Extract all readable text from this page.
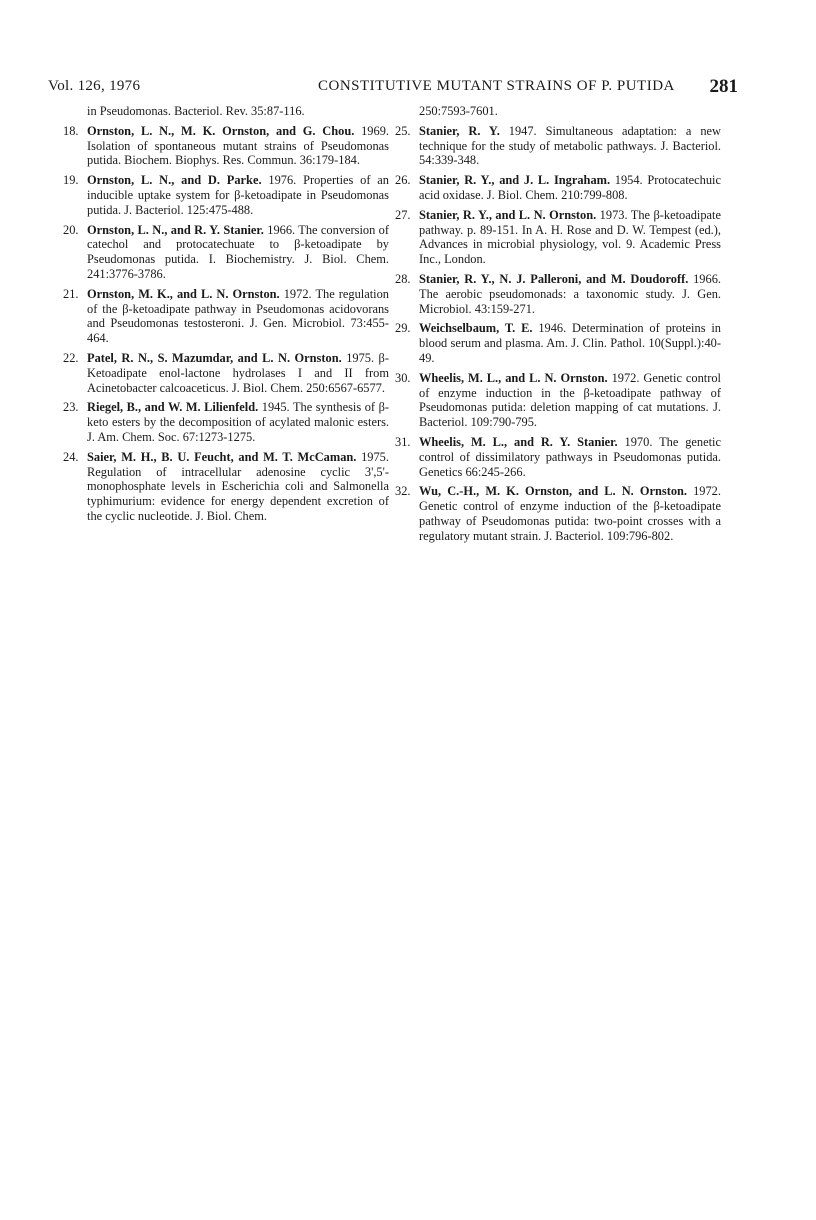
Vol. 126, 1976	CONSTITUTIVE MUTANT STRAINS OF P. PUTIDA 281
in Pseudomonas. Bacteriol. Rev. 35:87-116.
18. Ornston, L. N., M. K. Ornston, and G. Chou. 1969. Isolation of spontaneous mutant strains of Pseudomonas putida. Biochem. Biophys. Res. Commun. 36:179-184.
19. Ornston, L. N., and D. Parke. 1976. Properties of an inducible uptake system for β-ketoadipate in Pseudomonas putida. J. Bacteriol. 125:475-488.
20. Ornston, L. N., and R. Y. Stanier. 1966. The conversion of catechol and protocatechuate to β-ketoadipate by Pseudomonas putida. I. Biochemistry. J. Biol. Chem. 241:3776-3786.
21. Ornston, M. K., and L. N. Ornston. 1972. The regulation of the β-ketoadipate pathway in Pseudomonas acidovorans and Pseudomonas testosteroni. J. Gen. Microbiol. 73:455-464.
22. Patel, R. N., S. Mazumdar, and L. N. Ornston. 1975. β-Ketoadipate enol-lactone hydrolases I and II from Acinetobacter calcoaceticus. J. Biol. Chem. 250:6567-6577.
23. Riegel, B., and W. M. Lilienfeld. 1945. The synthesis of β-keto esters by the decomposition of acylated malonic esters. J. Am. Chem. Soc. 67:1273-1275.
24. Saier, M. H., B. U. Feucht, and M. T. McCaman. 1975. Regulation of intracellular adenosine cyclic 3',5'-monophosphate levels in Escherichia coli and Salmonella typhimurium: evidence for energy dependent excretion of the cyclic nucleotide. J. Biol. Chem.
250:7593-7601.
25. Stanier, R. Y. 1947. Simultaneous adaptation: a new technique for the study of metabolic pathways. J. Bacteriol. 54:339-348.
26. Stanier, R. Y., and J. L. Ingraham. 1954. Protocatechuic acid oxidase. J. Biol. Chem. 210:799-808.
27. Stanier, R. Y., and L. N. Ornston. 1973. The β-ketoadipate pathway. p. 89-151. In A. H. Rose and D. W. Tempest (ed.), Advances in microbial physiology, vol. 9. Academic Press Inc., London.
28. Stanier, R. Y., N. J. Palleroni, and M. Doudoroff. 1966. The aerobic pseudomonads: a taxonomic study. J. Gen. Microbiol. 43:159-271.
29. Weichselbaum, T. E. 1946. Determination of proteins in blood serum and plasma. Am. J. Clin. Pathol. 10(Suppl.):40-49.
30. Wheelis, M. L., and L. N. Ornston. 1972. Genetic control of enzyme induction in the β-ketoadipate pathway of Pseudomonas putida: deletion mapping of cat mutations. J. Bacteriol. 109:790-795.
31. Wheelis, M. L., and R. Y. Stanier. 1970. The genetic control of dissimilatory pathways in Pseudomonas putida. Genetics 66:245-266.
32. Wu, C.-H., M. K. Ornston, and L. N. Ornston. 1972. Genetic control of enzyme induction of the β-ketoadipate pathway of Pseudomonas putida: two-point crosses with a regulatory mutant strain. J. Bacteriol. 109:796-802.
